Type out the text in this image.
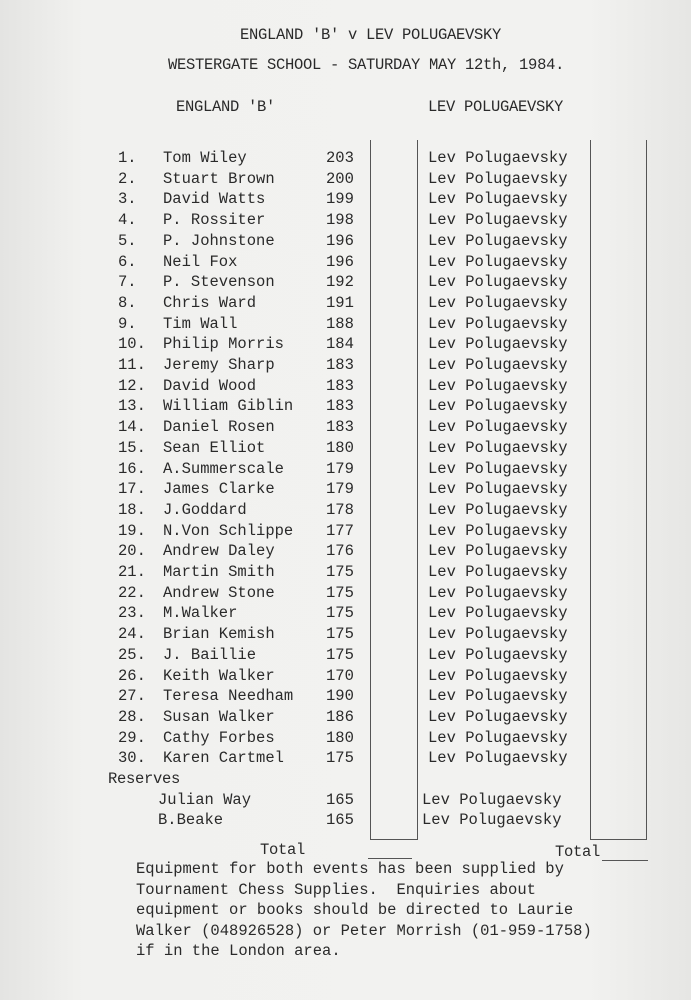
ENGLAND 'B' v LEV POLUGAEVSKY
WESTERGATE SCHOOL - SATURDAY MAY 12th, 1984.
ENGLAND 'B'	LEV POLUGAEVSKY
1.	Tom Wiley	203	Lev Polugaevsky
2.	Stuart Brown	200	Lev Polugaevsky
3.	David Watts	199	Lev Polugaevsky
4.	P. Rossiter	198	Lev Polugaevsky
5.	P. Johnstone	196	Lev Polugaevsky
6.	Neil Fox	196	Lev Polugaevsky
7.	P. Stevenson	192	Lev Polugaevsky
8.	Chris Ward	191	Lev Polugaevsky
9.	Tim Wall	188	Lev Polugaevsky
10.	Philip Morris	184	Lev Polugaevsky
11.	Jeremy Sharp	183	Lev Polugaevsky
12.	David Wood	183	Lev Polugaevsky
13.	William Giblin 183	Lev Polugaevsky
14.	Daniel Rosen	183	Lev Polugaevsky
15.	Sean Elliot	180	Lev Polugaevsky
16.	A.Summerscale	179	Lev Polugaevsky
17.	James Clarke	179	Lev Polugaevsky
18.	J.Goddard	178	Lev Polugaevsky
19.	N.Von Schlippe 177	Lev Polugaevsky
20.	Andrew Daley	176	Lev Polugaevsky
21.	Martin Smith	175	Lev Polugaevsky
22.	Andrew Stone	175	Lev Polugaevsky
23.	M.Walker	175	Lev Polugaevsky
24.	Brian Kemish	175	Lev Polugaevsky
25.	J. Baillie	175	Lev Polugaevsky
26.	Keith Walker	170	Lev Polugaevsky
27.	Teresa Needham 190	Lev Polugaevsky
28.	Susan Walker	186	Lev Polugaevsky
29.	Cathy Forbes	180	Lev Polugaevsky
30.	Karen Cartmel	175	Lev Polugaevsky
Reserves
Julian Way	165	Lev Polugaevsky
B.Beake	165	Lev Polugaevsky
Total	Total
Equipment for both events has been supplied by
Tournament Chess Supplies.  Enquiries about
equipment or books should be directed to Laurie
Walker (048926528) or Peter Morrish (01-959-1758)
if in the London area.
